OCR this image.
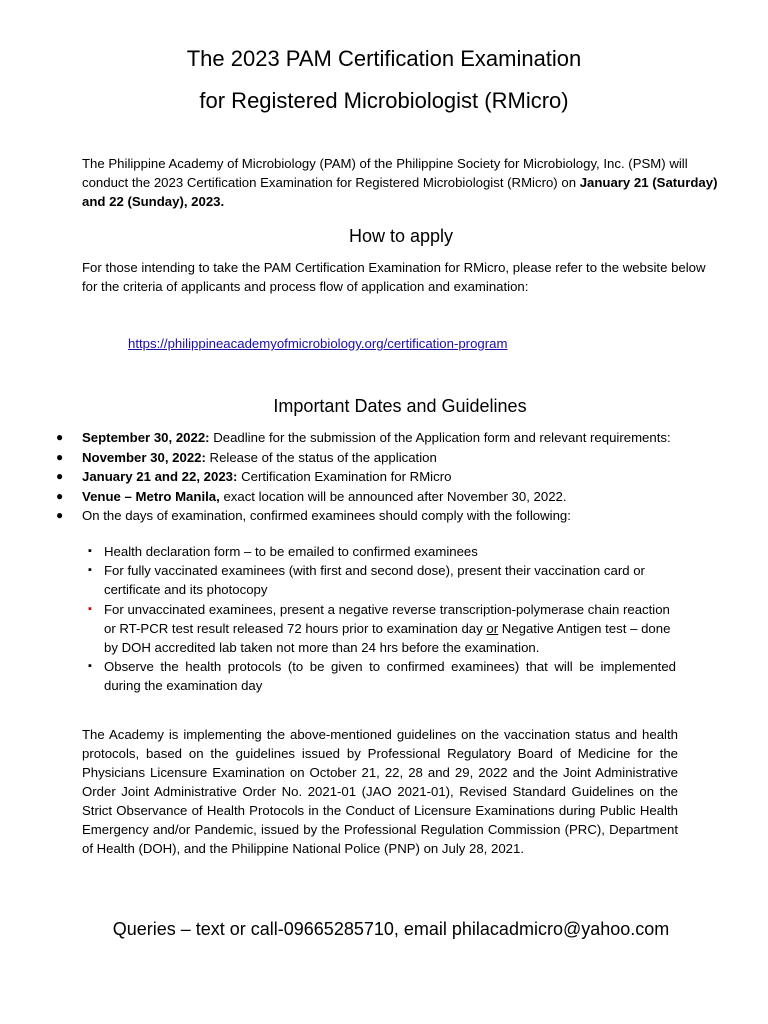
The 2023 PAM Certification Examination
for Registered Microbiologist (RMicro)
The Philippine Academy of Microbiology (PAM) of the Philippine Society for Microbiology, Inc. (PSM) will conduct the 2023 Certification Examination for Registered Microbiologist (RMicro) on January 21 (Saturday) and 22 (Sunday), 2023.
How to apply
For those intending to take the PAM Certification Examination for RMicro, please refer to the website below for the criteria of applicants and process flow of application and examination:
https://philippineacademyofmicrobiology.org/certification-program
Important Dates and Guidelines
● September 30, 2022: Deadline for the submission of the Application form and relevant requirements:
● November 30, 2022: Release of the status of the application
● January 21 and 22, 2023: Certification Examination for RMicro
● Venue – Metro Manila, exact location will be announced after November 30, 2022.
● On the days of examination, confirmed examinees should comply with the following:
▪ Health declaration form – to be emailed to confirmed examinees
▪ For fully vaccinated examinees (with first and second dose), present their vaccination card or certificate and its photocopy
▪ For unvaccinated examinees, present a negative reverse transcription-polymerase chain reaction or RT-PCR test result released 72 hours prior to examination day or Negative Antigen test – done by DOH accredited lab taken not more than 24 hrs before the examination.
▪ Observe the health protocols (to be given to confirmed examinees) that will be implemented during the examination day
The Academy is implementing the above-mentioned guidelines on the vaccination status and health protocols, based on the guidelines issued by Professional Regulatory Board of Medicine for the Physicians Licensure Examination on October 21, 22, 28 and 29, 2022 and the Joint Administrative Order Joint Administrative Order No. 2021-01 (JAO 2021-01), Revised Standard Guidelines on the Strict Observance of Health Protocols in the Conduct of Licensure Examinations during Public Health Emergency and/or Pandemic, issued by the Professional Regulation Commission (PRC), Department of Health (DOH), and the Philippine National Police (PNP) on July 28, 2021.
Queries – text or call-09665285710, email philacadmicro@yahoo.com
